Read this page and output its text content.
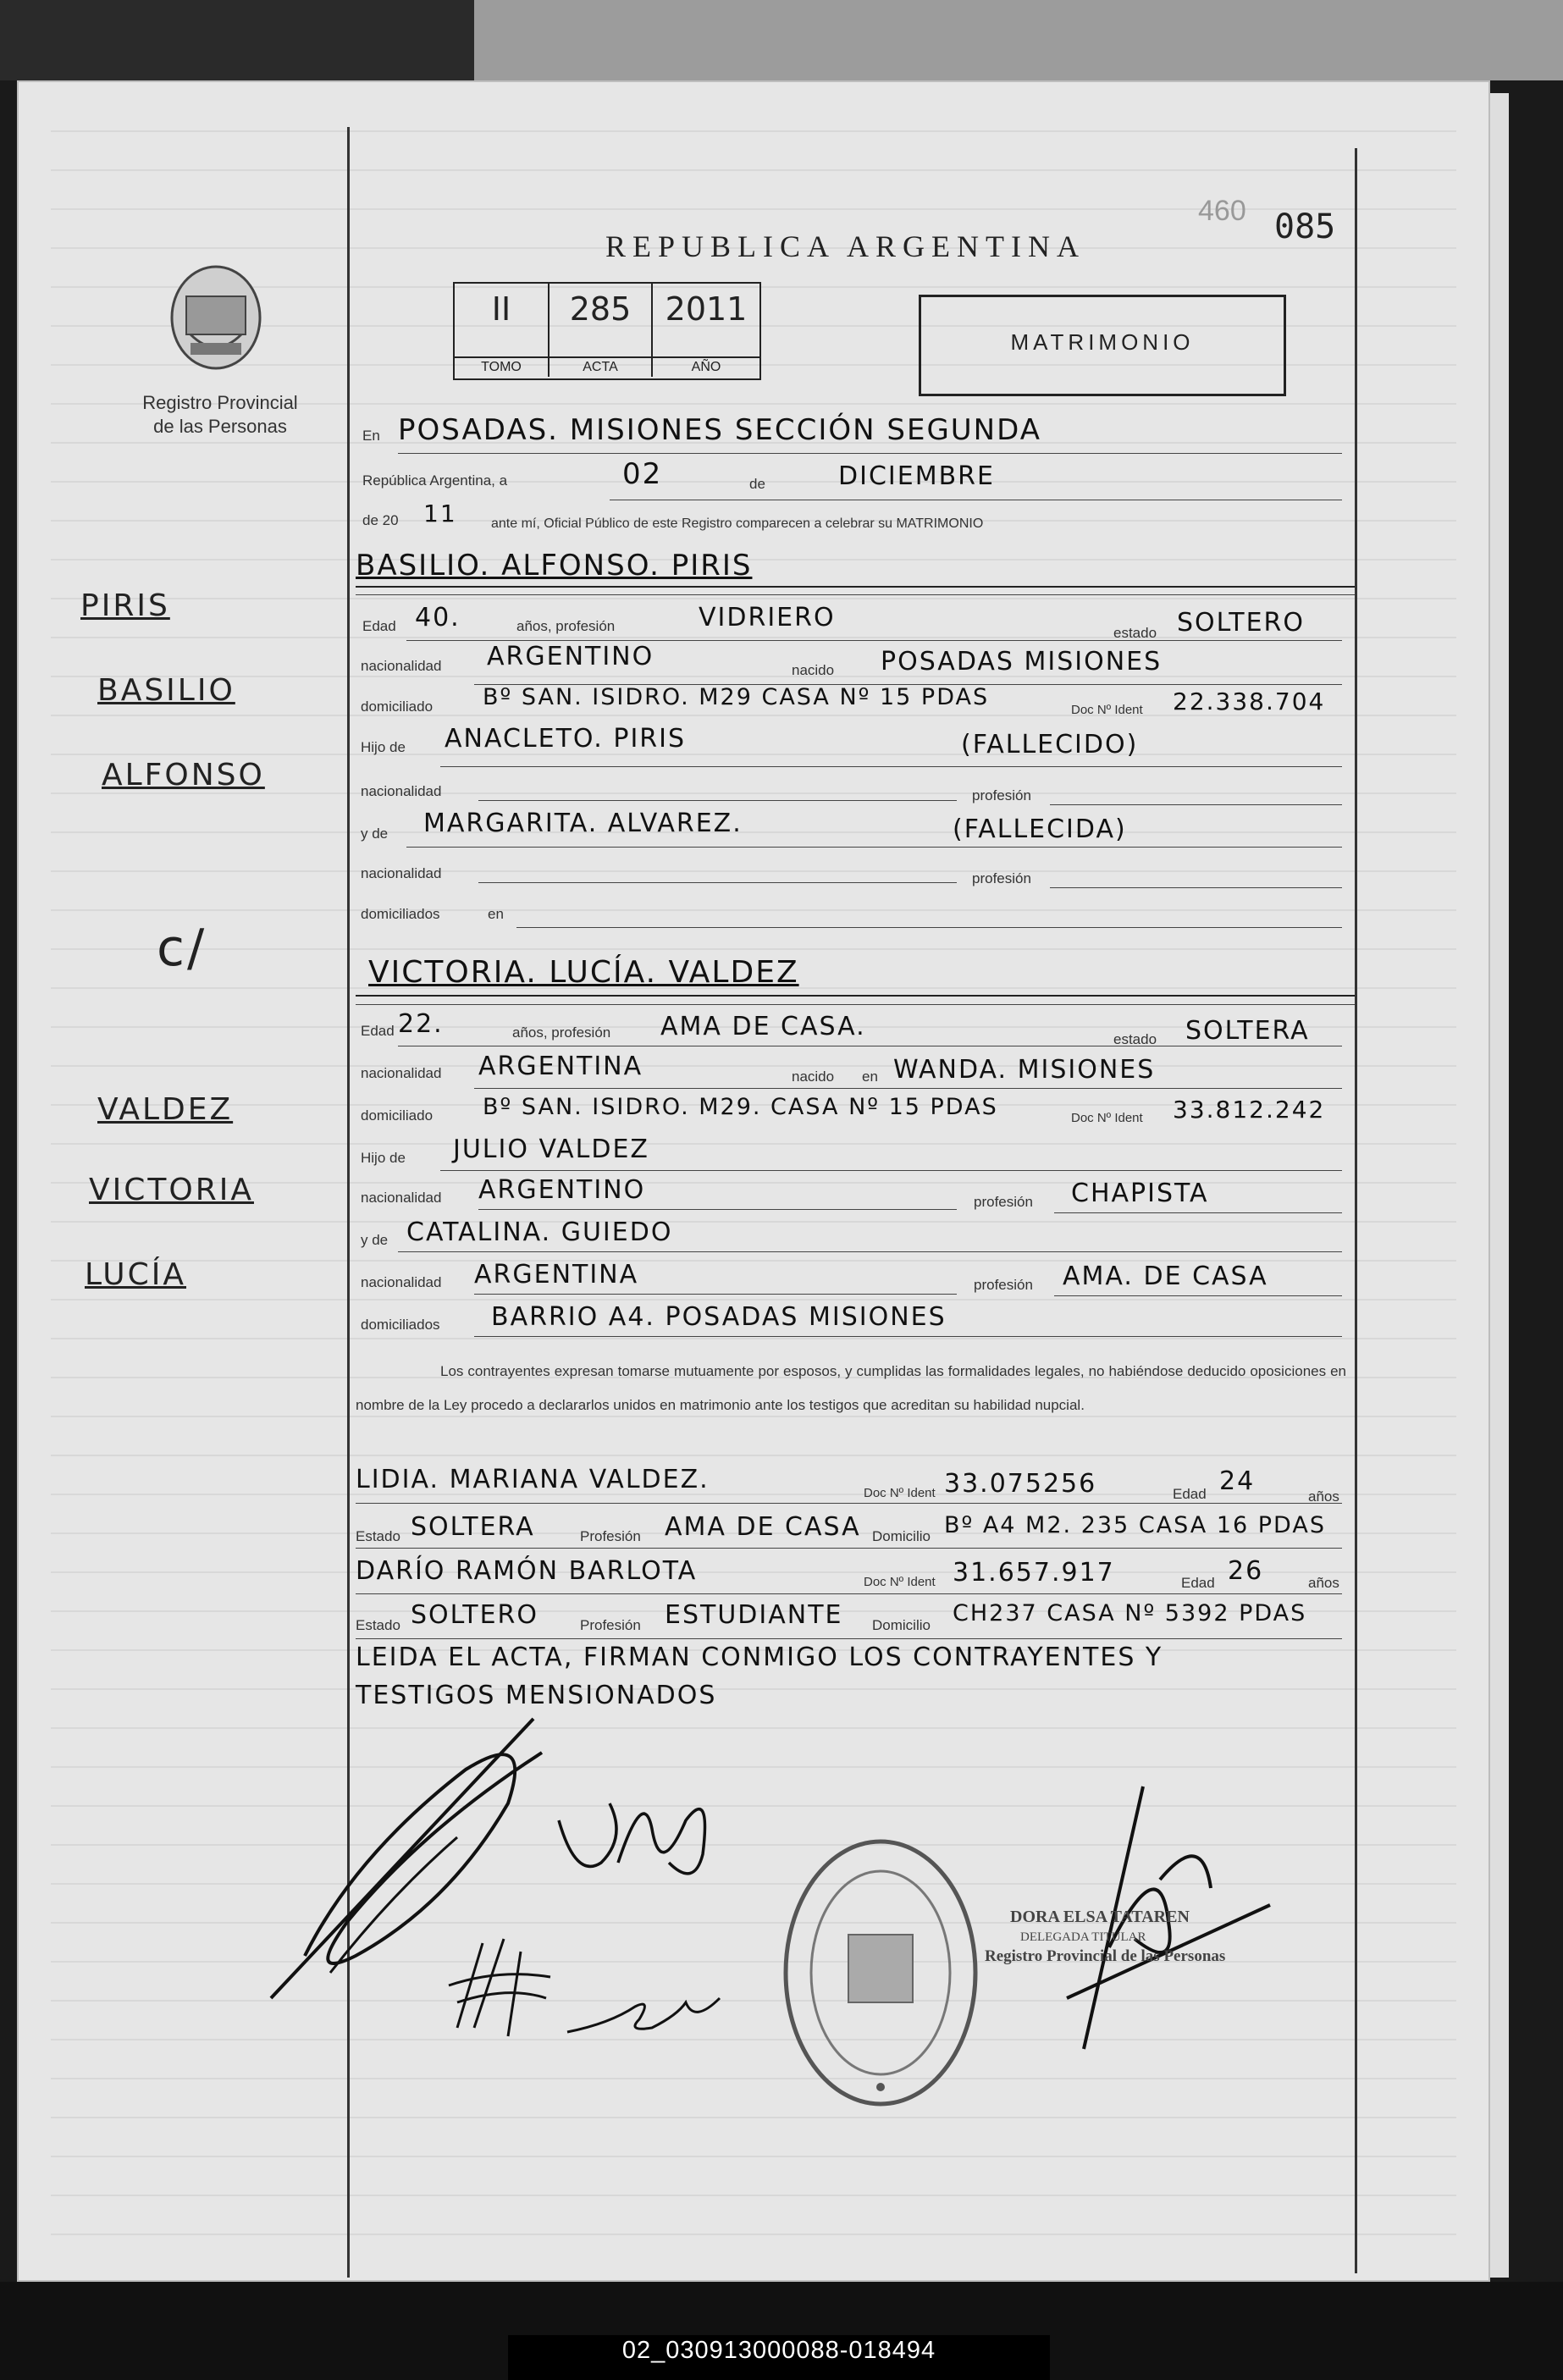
REPUBLICA ARGENTINA
460 085
Registro Provincial
de las Personas
II
TOMO
285
ACTA
2011
AÑO
MATRIMONIO
PIRIS
BASILIO
ALFONSO
c/
VALDEZ
VICTORIA
LUCÍA
En POSADAS. MISIONES SECCIÓN SEGUNDA
República Argentina, a	02	de	DICIEMBRE
de 20 11	ante mí, Oficial Público de este Registro comparecen a celebrar su MATRIMONIO
BASILIO. ALFONSO. PIRIS
Edad 40.	años, profesión	VIDRIERO
estado SOLTERO
nacionalidad ARGENTINO	nacido POSADAS MISIONES
domiciliado Bº SAN. ISIDRO. M29 CASA Nº 15 PDAS	Doc Nº Ident 22.338.704
Hijo de ANACLETO. PIRIS	(FALLECIDO)
nacionalidad	profesión
y de MARGARITA. ALVAREZ.	(FALLECIDA)
nacionalidad	profesión
domiciliados	en
VICTORIA. LUCÍA. VALDEZ
Edad 22.	años, profesión AMA DE CASA.	estado SOLTERA
nacionalidad ARGENTINA	nacido en WANDA. MISIONES
domiciliado Bº SAN. ISIDRO. M29. CASA Nº 15 PDAS	Doc Nº Ident 33.812.242
Hijo de JULIO VALDEZ
nacionalidad ARGENTINO	profesión CHAPISTA
y de CATALINA. GUIEDO
nacionalidad ARGENTINA	profesión AMA. DE CASA
domiciliados BARRIO A4. POSADAS MISIONES
Los contrayentes expresan tomarse mutuamente por esposos, y cumplidas las formalidades legales, no habiéndose deducido oposiciones en nombre de la Ley procedo a declararlos unidos en matrimonio ante los testigos que acreditan su habilidad nupcial.
LIDIA. MARIANA VALDEZ.	Doc Nº Ident 33.075256	Edad 24
años
Estado SOLTERA	Profesión AMA DE CASA Domicilio Bº A4 M2. 235 CASA 16 PDAS
DARÍO RAMÓN BARLOTA	Doc Nº Ident 31.657.917	Edad 26	años
Estado SOLTERO	Profesión ESTUDIANTE Domicilio CH237 CASA Nº 5392 PDAS
LEIDA EL ACTA, FIRMAN CONMIGO LOS CONTRAYENTES Y
TESTIGOS MENSIONADOS
DORA ELSA TATAREN
DELEGADA TITULAR
Registro Provincial de las Personas
02_030913000088-018494
